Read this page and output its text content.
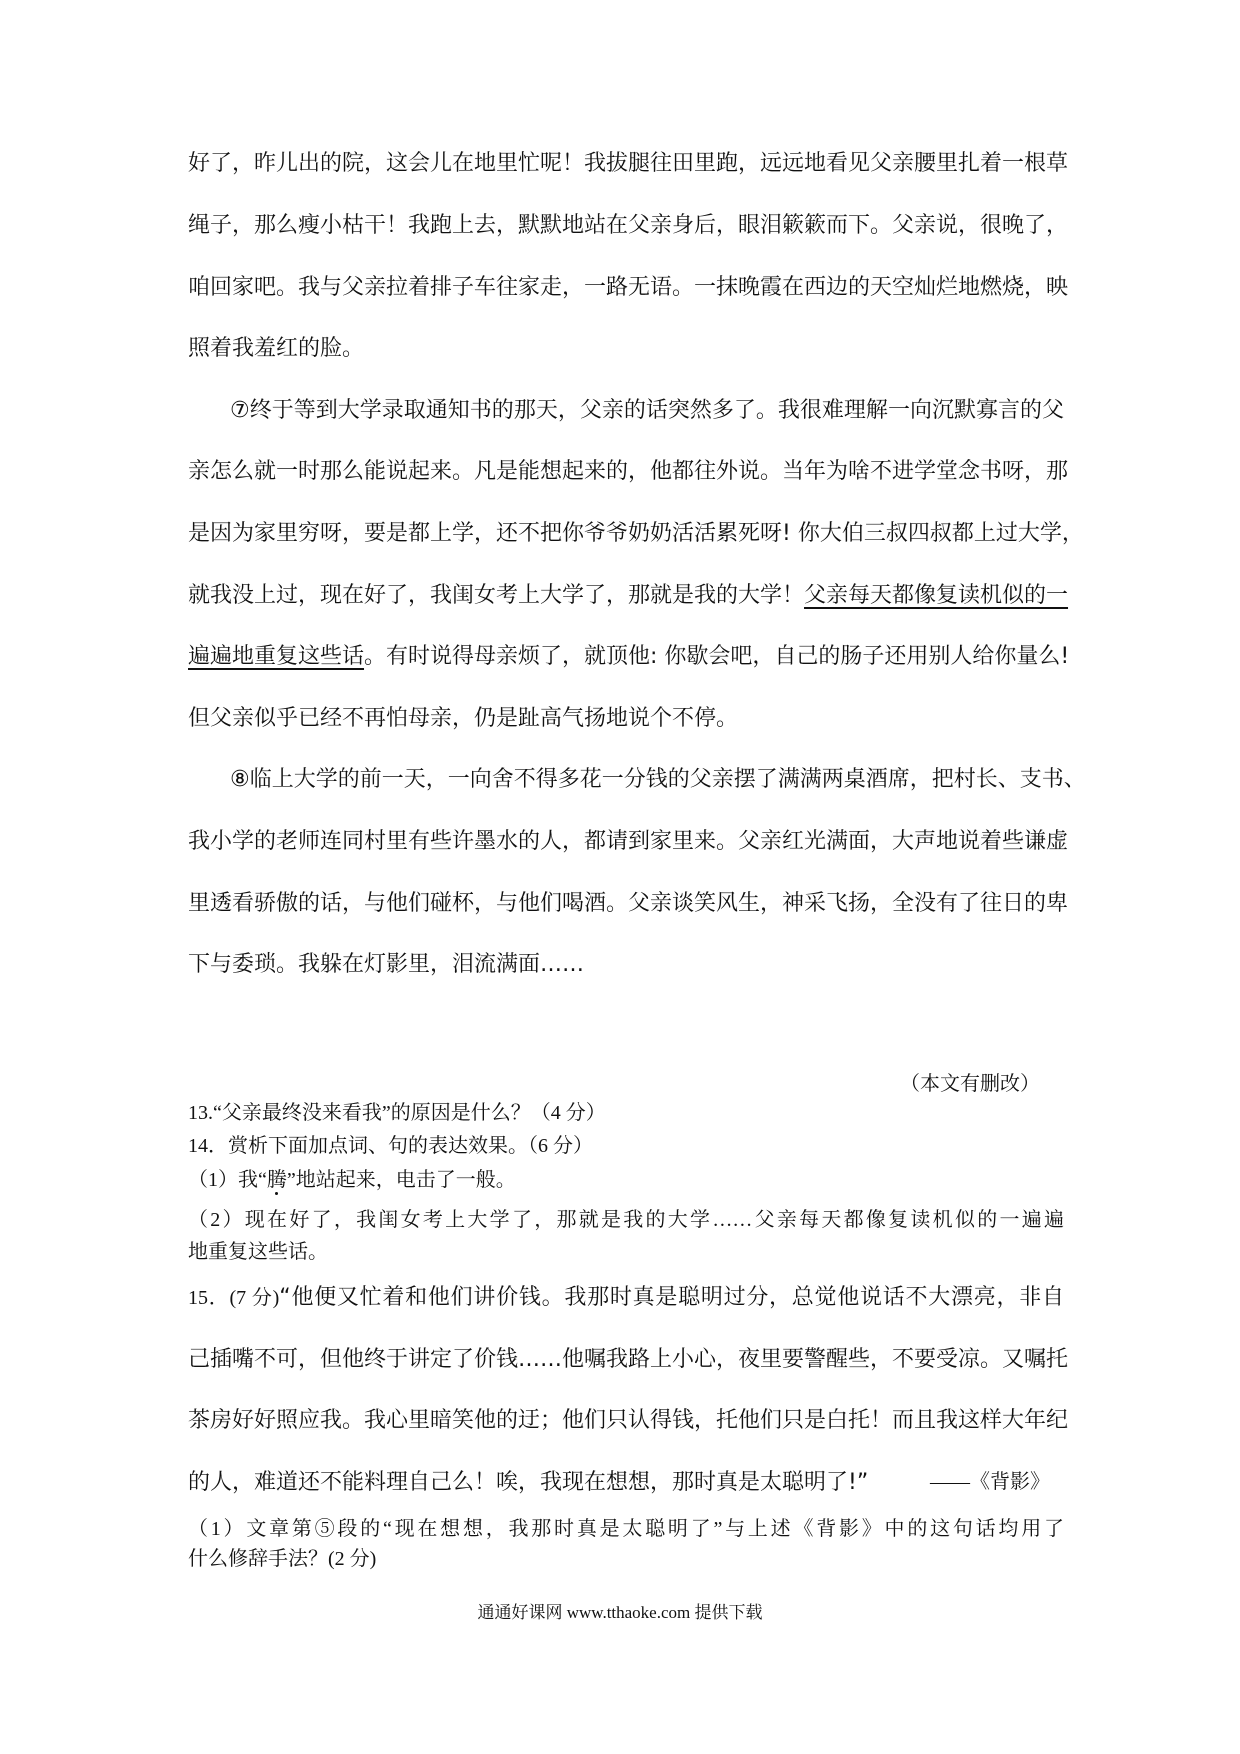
好了，昨儿出的院，这会儿在地里忙呢！我拔腿往田里跑，远远地看见父亲腰里扎着一根草

绳子，那么瘦小枯干！我跑上去，默默地站在父亲身后，眼泪簌簌而下。父亲说，很晚了，

咱回家吧。我与父亲拉着排子车往家走，一路无语。一抹晚霞在西边的天空灿烂地燃烧，映

照着我羞红的脸。

⑦终于等到大学录取通知书的那天，父亲的话突然多了。我很难理解一向沉默寡言的父

亲怎么就一时那么能说起来。凡是能想起来的，他都往外说。当年为啥不进学堂念书呀，那

是因为家里穷呀，要是都上学，还不把你爷爷奶奶活活累死呀! 你大伯三叔四叔都上过大学，

就我没上过，现在好了，我闺女考上大学了，那就是我的大学！父亲每天都像复读机似的一

遍遍地重复这些话。有时说得母亲烦了，就顶他: 你歇会吧，自己的肠子还用别人给你量么!

但父亲似乎已经不再怕母亲，仍是趾高气扬地说个不停。

⑧临上大学的前一天，一向舍不得多花一分钱的父亲摆了满满两桌酒席，把村长、支书、

我小学的老师连同村里有些许墨水的人，都请到家里来。父亲红光满面，大声地说着些谦虚

里透看骄傲的话，与他们碰杯，与他们喝酒。父亲谈笑风生，神采飞扬，全没有了往日的卑

下与委琐。我躲在灯影里，泪流满面……

（本文有删改）

13.“父亲最终没来看我”的原因是什么？（4 分）

14．赏析下面加点词、句的表达效果。（6 分）

（1）我“腾”地站起来，电击了一般。

（2）现在好了，我闺女考上大学了，那就是我的大学……父亲每天都像复读机似的一遍遍

地重复这些话。

15．(7 分)“他便又忙着和他们讲价钱。我那时真是聪明过分，总觉他说话不大漂亮，非自

己插嘴不可，但他终于讲定了价钱……他嘱我路上小心，夜里要警醒些，不要受凉。又嘱托

茶房好好照应我。我心里暗笑他的迂；他们只认得钱，托他们只是白托！而且我这样大年纪

的人，难道还不能料理自己么！唉，我现在想想，那时真是太聪明了!”	——《背影》

（1）文章第⑤段的“现在想想，我那时真是太聪明了”与上述《背影》中的这句话均用了

什么修辞手法？(2 分)

通通好课网 www.tthaoke.com 提供下载
